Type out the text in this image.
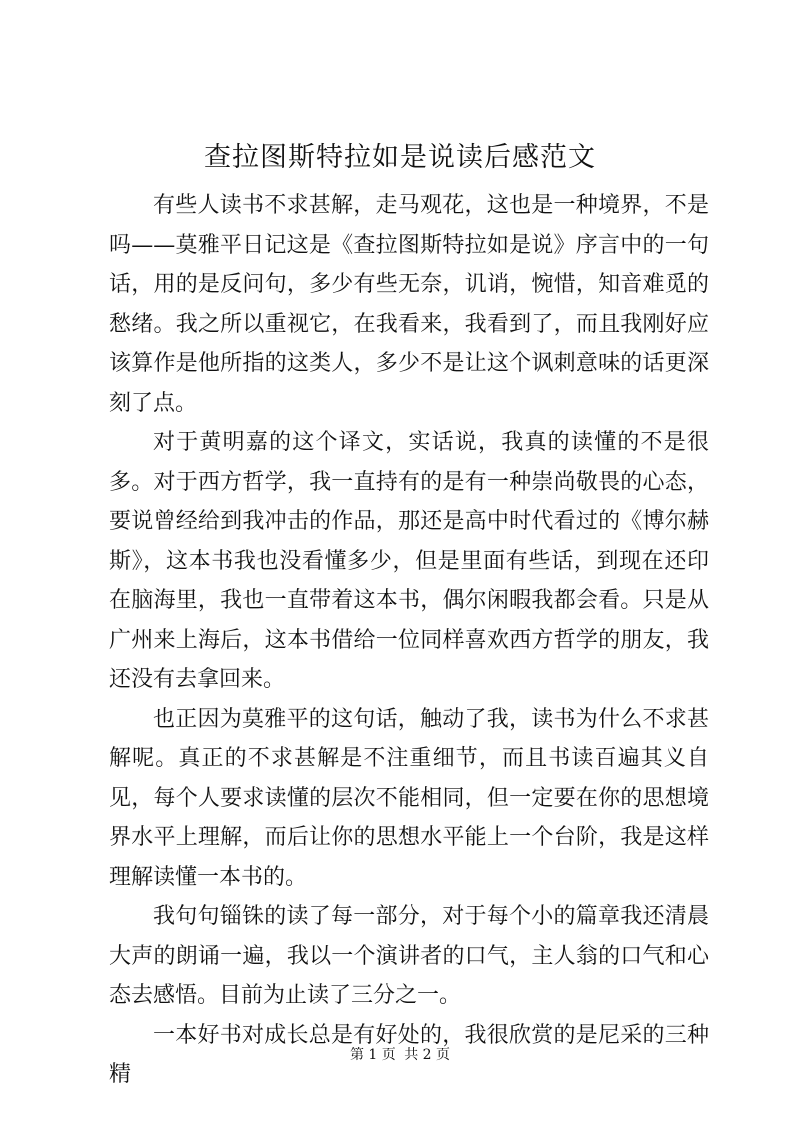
查拉图斯特拉如是说读后感范文

有些人读书不求甚解，走马观花，这也是一种境界，不是吗——莫雅平日记这是《查拉图斯特拉如是说》序言中的一句话，用的是反问句，多少有些无奈，讥诮，惋惜，知音难觅的愁绪。我之所以重视它，在我看来，我看到了，而且我刚好应该算作是他所指的这类人，多少不是让这个讽刺意味的话更深刻了点。

对于黄明嘉的这个译文，实话说，我真的读懂的不是很多。对于西方哲学，我一直持有的是有一种崇尚敬畏的心态，要说曾经给到我冲击的作品，那还是高中时代看过的《博尔赫斯》，这本书我也没看懂多少，但是里面有些话，到现在还印在脑海里，我也一直带着这本书，偶尔闲暇我都会看。只是从广州来上海后，这本书借给一位同样喜欢西方哲学的朋友，我还没有去拿回来。

也正因为莫雅平的这句话，触动了我，读书为什么不求甚解呢。真正的不求甚解是不注重细节，而且书读百遍其义自见，每个人要求读懂的层次不能相同，但一定要在你的思想境界水平上理解，而后让你的思想水平能上一个台阶，我是这样理解读懂一本书的。

我句句锱铢的读了每一部分，对于每个小的篇章我还清晨大声的朗诵一遍，我以一个演讲者的口气，主人翁的口气和心态去感悟。目前为止读了三分之一。

一本好书对成长总是有好处的，我很欣赏的是尼采的三种精

第 1 页 共 2 页
